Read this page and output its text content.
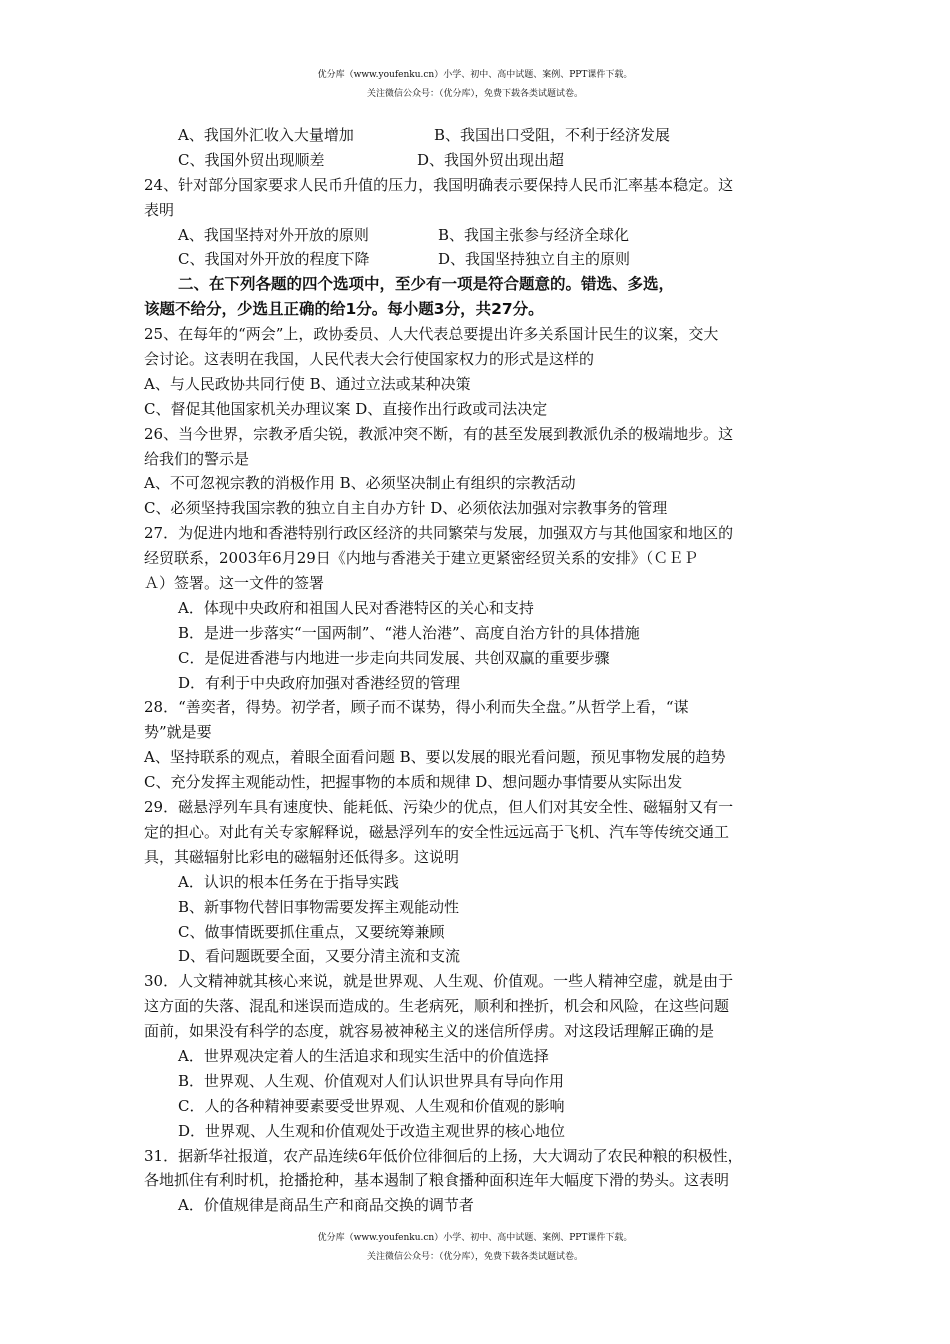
优分库（www.youfenku.cn）小学、初中、高中试题、案例、PPT课件下载。
关注微信公众号：（优分库），免费下载各类试题试卷。
A、我国外汇收入大量增加	B、我国出口受阻，不利于经济发展
C、我国外贸出现顺差	D、我国外贸出现出超
24、针对部分国家要求人民币升值的压力，我国明确表示要保持人民币汇率基本稳定。这
表明
A、我国坚持对外开放的原则	B、我国主张参与经济全球化
C、我国对外开放的程度下降	D、我国坚持独立自主的原则
二、在下列各题的四个选项中，至少有一项是符合题意的。错选、多选，
该题不给分，少选且正确的给1分。每小题3分，共27分。
25、在每年的“两会”上，政协委员、人大代表总要提出许多关系国计民生的议案，交大
会讨论。这表明在我国，人民代表大会行使国家权力的形式是这样的
A、与人民政协共同行使 B、通过立法或某种决策
C、督促其他国家机关办理议案 D、直接作出行政或司法决定
26、当今世界，宗教矛盾尖锐，教派冲突不断，有的甚至发展到教派仇杀的极端地步。这
给我们的警示是
A、不可忽视宗教的消极作用 B、必须坚决制止有组织的宗教活动
C、必须坚持我国宗教的独立自主自办方针 D、必须依法加强对宗教事务的管理
27．为促进内地和香港特别行政区经济的共同繁荣与发展，加强双方与其他国家和地区的
经贸联系，2003年6月29日《内地与香港关于建立更紧密经贸关系的安排》（ＣＥＰ
Ａ）签署。这一文件的签署
A．体现中央政府和祖国人民对香港特区的关心和支持
B．是进一步落实“一国两制”、“港人治港”、高度自治方针的具体措施
C．是促进香港与内地进一步走向共同发展、共创双赢的重要步骤
D．有利于中央政府加强对香港经贸的管理
28．“善奕者，得势。初学者，顾子而不谋势，得小利而失全盘。”从哲学上看，“谋
势”就是要
A、坚持联系的观点，着眼全面看问题 B、要以发展的眼光看问题，预见事物发展的趋势
C、充分发挥主观能动性，把握事物的本质和规律 D、想问题办事情要从实际出发
29．磁悬浮列车具有速度快、能耗低、污染少的优点，但人们对其安全性、磁辐射又有一
定的担心。对此有关专家解释说，磁悬浮列车的安全性远远高于飞机、汽车等传统交通工
具，其磁辐射比彩电的磁辐射还低得多。这说明
A．认识的根本任务在于指导实践
B、新事物代替旧事物需要发挥主观能动性
C、做事情既要抓住重点，又要统筹兼顾
D、看问题既要全面，又要分清主流和支流
30．人文精神就其核心来说，就是世界观、人生观、价值观。一些人精神空虚，就是由于
这方面的失落、混乱和迷误而造成的。生老病死，顺利和挫折，机会和风险，在这些问题
面前，如果没有科学的态度，就容易被神秘主义的迷信所俘虏。对这段话理解正确的是
A．世界观决定着人的生活追求和现实生活中的价值选择
B．世界观、人生观、价值观对人们认识世界具有导向作用
C．人的各种精神要素要受世界观、人生观和价值观的影响
D．世界观、人生观和价值观处于改造主观世界的核心地位
31．据新华社报道，农产品连续6年低价位徘徊后的上扬，大大调动了农民种粮的积极性，
各地抓住有利时机，抢播抢种，基本遏制了粮食播种面积连年大幅度下滑的势头。这表明
A．价值规律是商品生产和商品交换的调节者
优分库（www.youfenku.cn）小学、初中、高中试题、案例、PPT课件下载。
关注微信公众号：（优分库），免费下载各类试题试卷。
